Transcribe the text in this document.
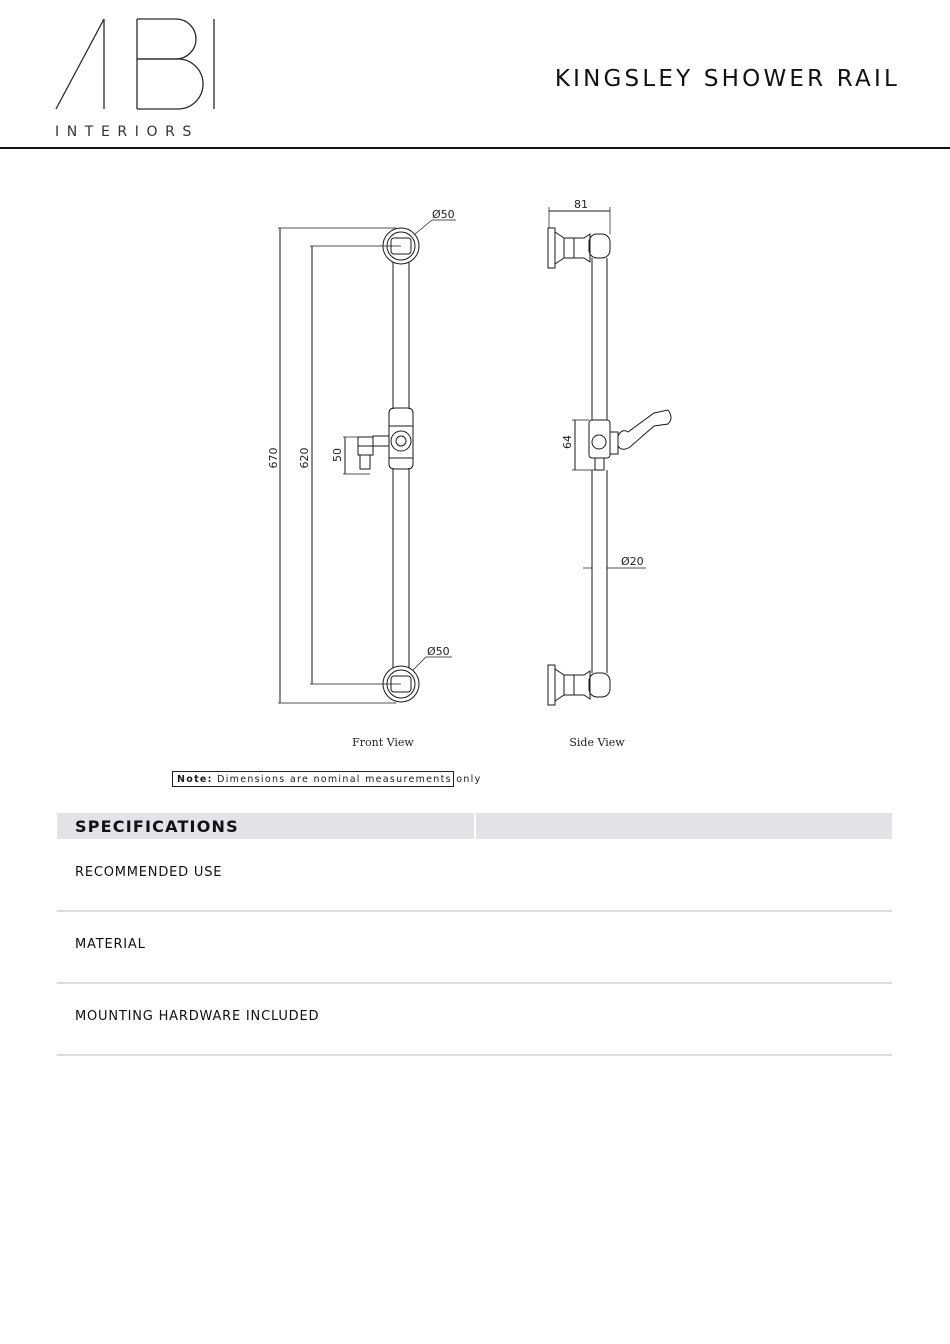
INTERIORS
KINGSLEY SHOWER RAIL
670 620 50
Ø50
Ø50
81
64
Ø20
Front View	Side View
Note: Dimensions are nominal measurements only
SPECIFICATIONS
RECOMMENDED USE
MATERIAL
MOUNTING HARDWARE INCLUDED
